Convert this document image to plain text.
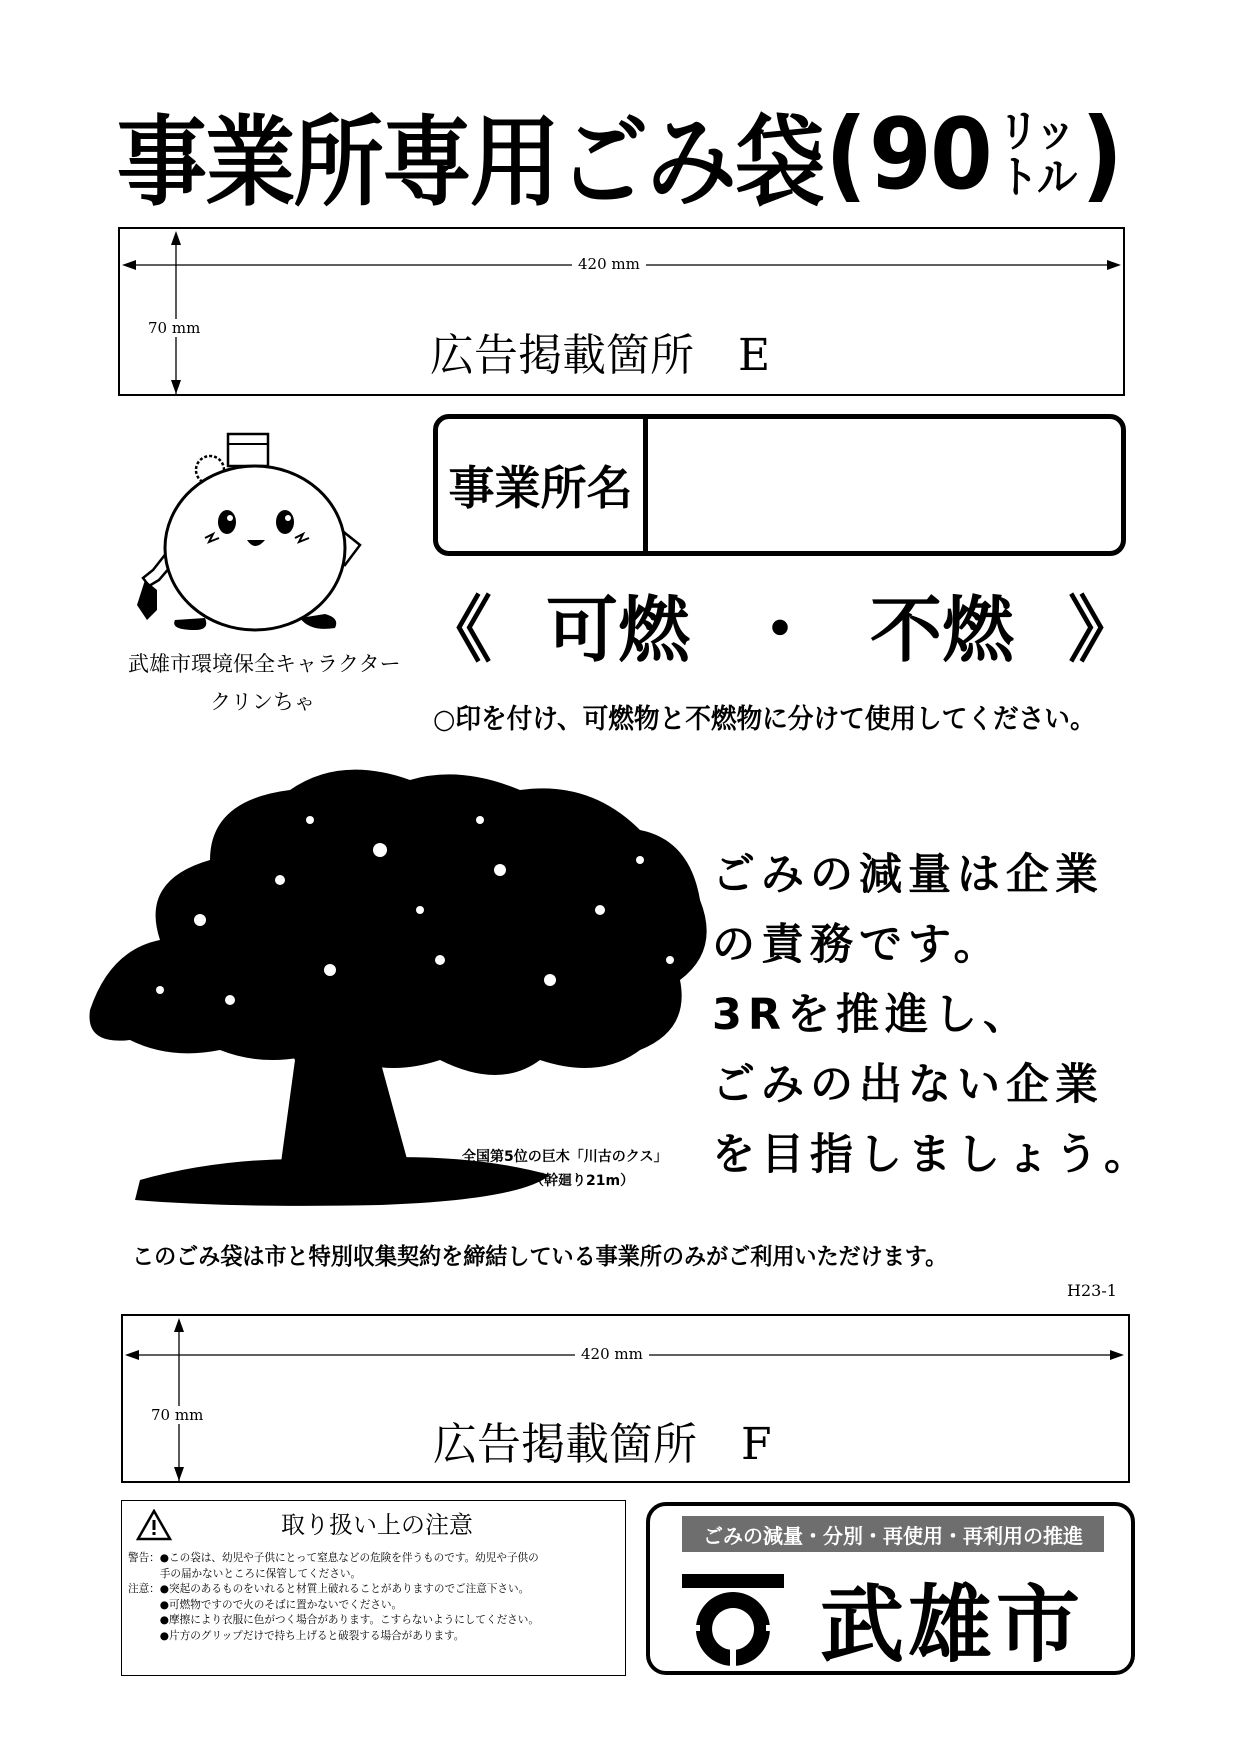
事業所専用ごみ袋 ( 90 リッ
トル )
420 mm
70 mm
広告掲載箇所　E
武雄市環境保全キャラクター
クリンちゃ
事業所名
《 可燃 ・ 不燃 》
○印を付け、可燃物と不燃物に分けて使用してください。
全国第5位の巨木「川古のクス」
（幹廻り21m）
ごみの減量は企業
の責務です。
3Rを推進し、
ごみの出ない企業
を目指しましょう。
このごみ袋は市と特別収集契約を締結している事業所のみがご利用いただけます。
H23-1
420 mm
70 mm
広告掲載箇所　F
取り扱い上の注意
警告：●この袋は、幼児や子供にとって窒息などの危険を伴うものです。幼児や子供の
　　　手の届かないところに保管してください。
注意：●突起のあるものをいれると材質上破れることがありますのでご注意下さい。
　　　●可燃物ですので火のそばに置かないでください。
　　　●摩擦により衣服に色がつく場合があります。こすらないようにしてください。
　　　●片方のグリップだけで持ち上げると破裂する場合があります。
ごみの減量・分別・再使用・再利用の推進
武雄市
